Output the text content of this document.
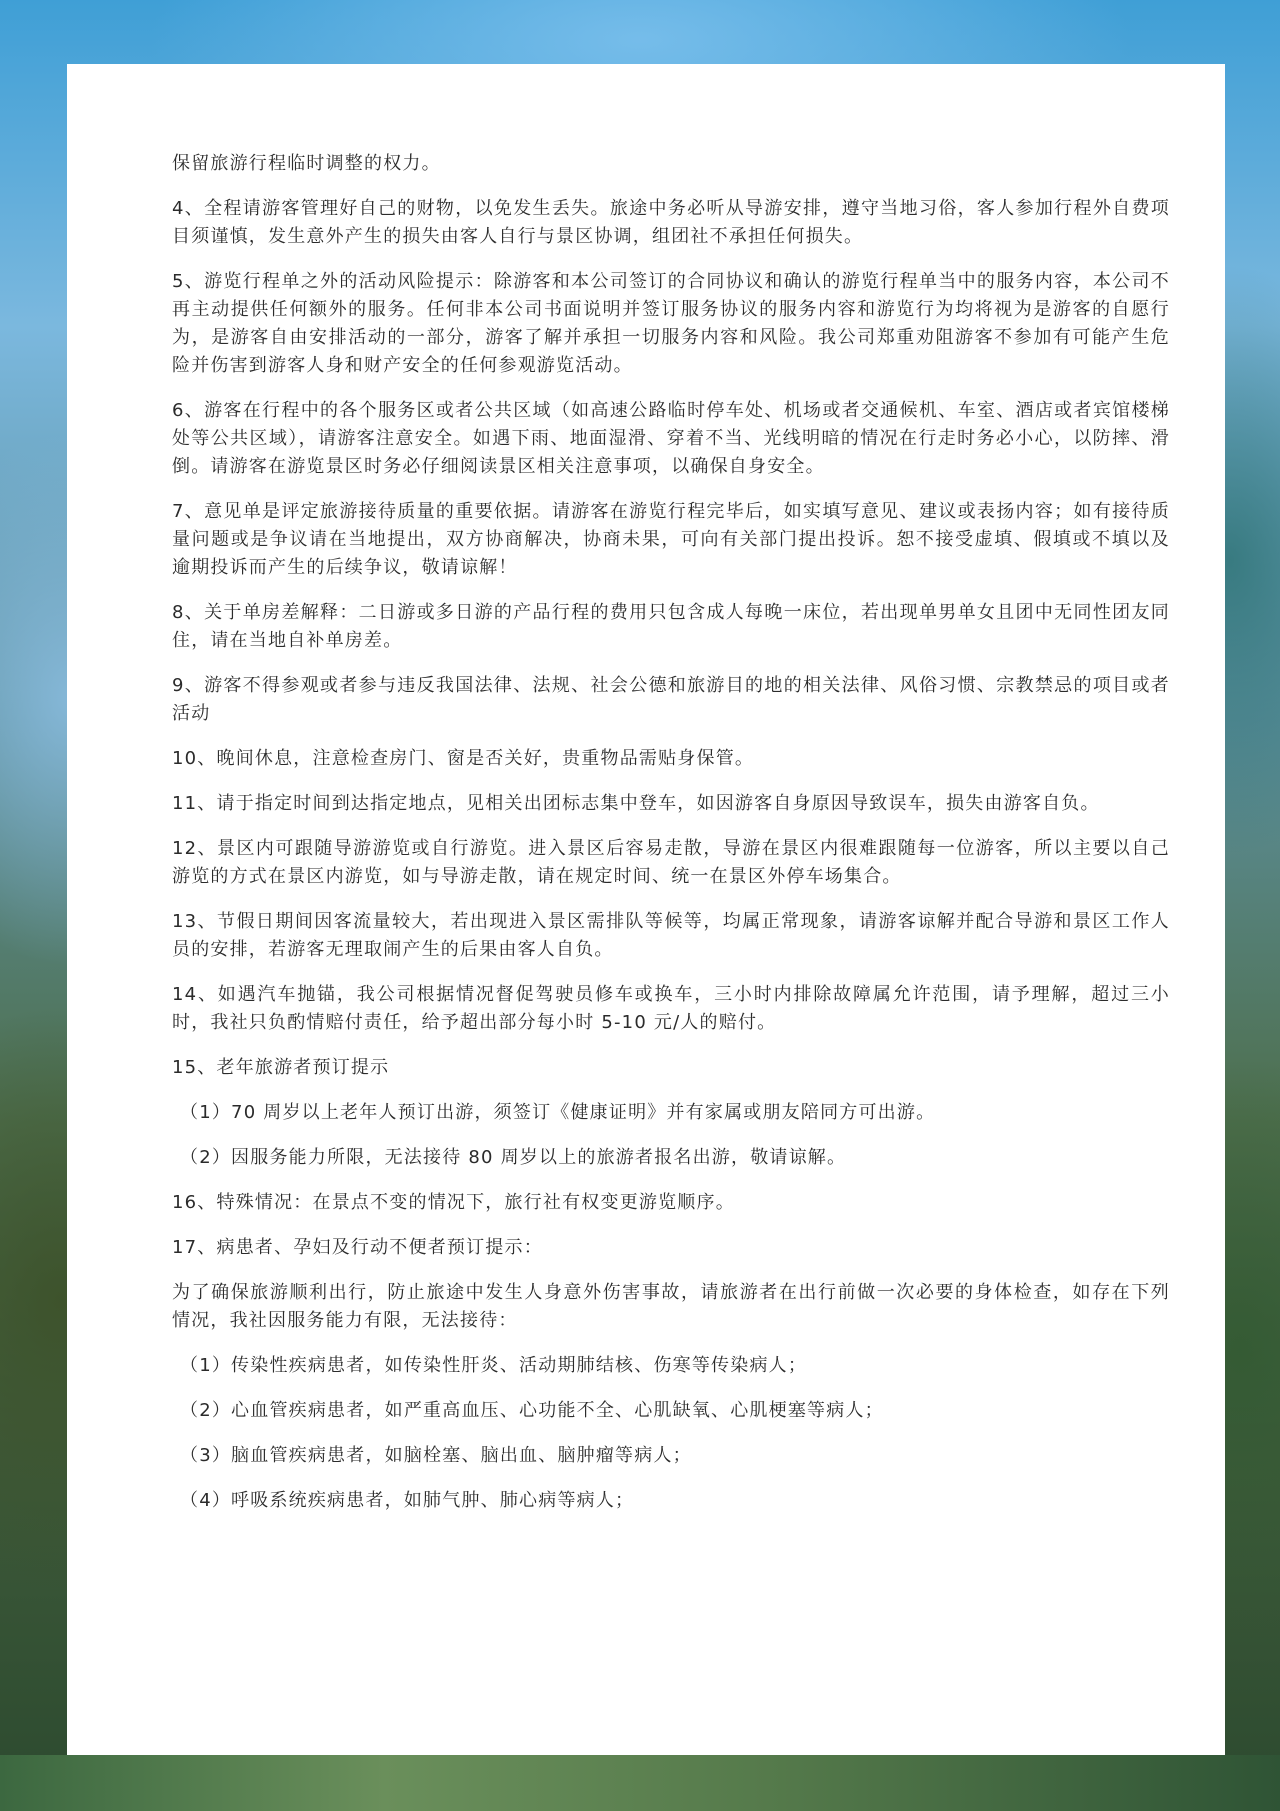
保留旅游行程临时调整的权力。

4、全程请游客管理好自己的财物，以免发生丢失。旅途中务必听从导游安排，遵守当地习俗，客人参加行程外自费项目须谨慎，发生意外产生的损失由客人自行与景区协调，组团社不承担任何损失。

5、游览行程单之外的活动风险提示：除游客和本公司签订的合同协议和确认的游览行程单当中的服务内容，本公司不再主动提供任何额外的服务。任何非本公司书面说明并签订服务协议的服务内容和游览行为均将视为是游客的自愿行为，是游客自由安排活动的一部分，游客了解并承担一切服务内容和风险。我公司郑重劝阻游客不参加有可能产生危险并伤害到游客人身和财产安全的任何参观游览活动。

6、游客在行程中的各个服务区或者公共区域（如高速公路临时停车处、机场或者交通候机、车室、酒店或者宾馆楼梯处等公共区域），请游客注意安全。如遇下雨、地面湿滑、穿着不当、光线明暗的情况在行走时务必小心，以防摔、滑倒。请游客在游览景区时务必仔细阅读景区相关注意事项，以确保自身安全。

7、意见单是评定旅游接待质量的重要依据。请游客在游览行程完毕后，如实填写意见、建议或表扬内容；如有接待质量问题或是争议请在当地提出，双方协商解决，协商未果，可向有关部门提出投诉。恕不接受虚填、假填或不填以及逾期投诉而产生的后续争议，敬请谅解！

8、关于单房差解释：二日游或多日游的产品行程的费用只包含成人每晚一床位，若出现单男单女且团中无同性团友同住，请在当地自补单房差。

9、游客不得参观或者参与违反我国法律、法规、社会公德和旅游目的地的相关法律、风俗习惯、宗教禁忌的项目或者活动

10、晚间休息，注意检查房门、窗是否关好，贵重物品需贴身保管。

11、请于指定时间到达指定地点，见相关出团标志集中登车，如因游客自身原因导致误车，损失由游客自负。

12、景区内可跟随导游游览或自行游览。进入景区后容易走散，导游在景区内很难跟随每一位游客，所以主要以自己游览的方式在景区内游览，如与导游走散，请在规定时间、统一在景区外停车场集合。

13、节假日期间因客流量较大，若出现进入景区需排队等候等，均属正常现象，请游客谅解并配合导游和景区工作人员的安排，若游客无理取闹产生的后果由客人自负。

14、如遇汽车抛锚，我公司根据情况督促驾驶员修车或换车，三小时内排除故障属允许范围，请予理解，超过三小时，我社只负酌情赔付责任，给予超出部分每小时 5-10 元/人的赔付。

15、老年旅游者预订提示

（1）70 周岁以上老年人预订出游，须签订《健康证明》并有家属或朋友陪同方可出游。

（2）因服务能力所限，无法接待 80 周岁以上的旅游者报名出游，敬请谅解。

16、特殊情况：在景点不变的情况下，旅行社有权变更游览顺序。

17、病患者、孕妇及行动不便者预订提示：

为了确保旅游顺利出行，防止旅途中发生人身意外伤害事故，请旅游者在出行前做一次必要的身体检查，如存在下列情况，我社因服务能力有限，无法接待：

（1）传染性疾病患者，如传染性肝炎、活动期肺结核、伤寒等传染病人；

（2）心血管疾病患者，如严重高血压、心功能不全、心肌缺氧、心肌梗塞等病人；

（3）脑血管疾病患者，如脑栓塞、脑出血、脑肿瘤等病人；

（4）呼吸系统疾病患者，如肺气肿、肺心病等病人；
